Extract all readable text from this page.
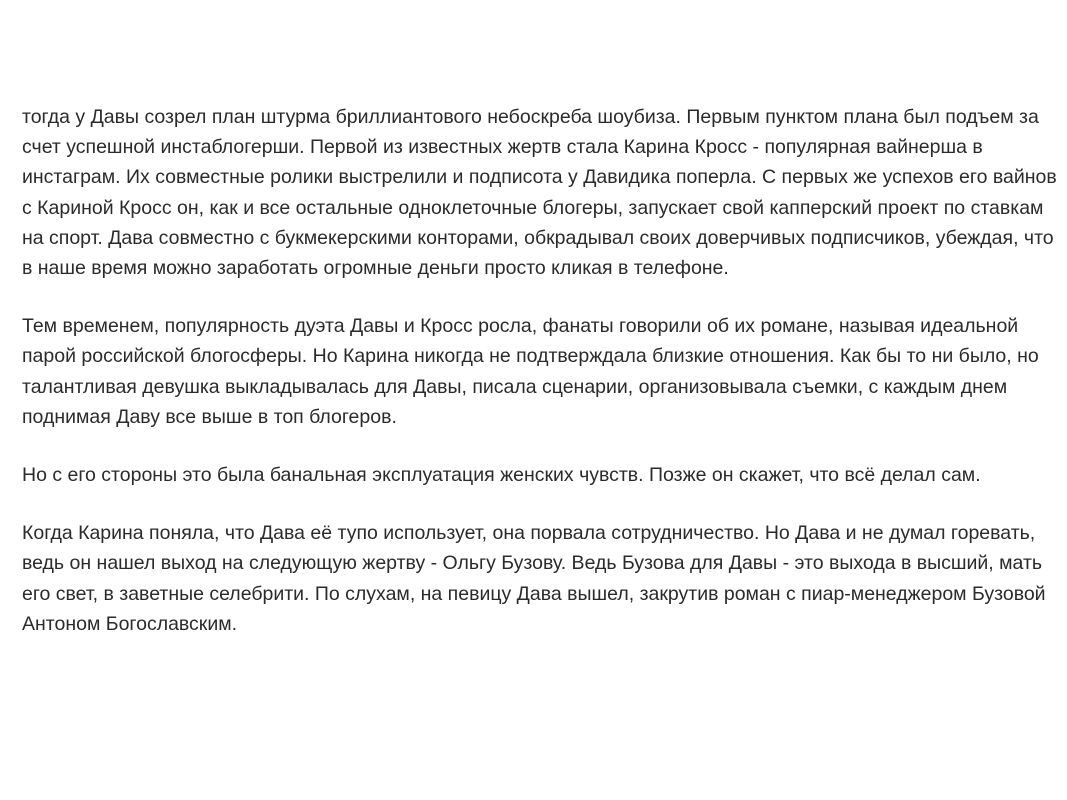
тогда у Давы созрел план штурма бриллиантового небоскреба шоубиза. Первым пунктом плана был подъем за счет успешной инстаблогерши. Первой из известных жертв стала Карина Кросс - популярная вайнерша в инстаграм. Их совместные ролики выстрелили и подписота у Давидика поперла. С первых же успехов его вайнов с Кариной Кросс он, как и все остальные одноклеточные блогеры, запускает свой капперский проект по ставкам на спорт. Дава совместно с букмекерскими конторами, обкрадывал своих доверчивых подписчиков, убеждая, что в наше время можно заработать огромные деньги просто кликая в телефоне.

Тем временем, популярность дуэта Давы и Кросс росла, фанаты говорили об их романе, называя идеальной парой российской блогосферы. Но Карина никогда не подтверждала близкие отношения. Как бы то ни было, но талантливая девушка выкладывалась для Давы, писала сценарии, организовывала съемки, с каждым днем поднимая Даву все выше в топ блогеров.

Но с его стороны это была банальная эксплуатация женских чувств. Позже он скажет, что всё делал сам.

Когда Карина поняла, что Дава её тупо использует, она порвала сотрудничество. Но Дава и не думал горевать, ведь он нашел выход на следующую жертву - Ольгу Бузову. Ведь Бузова для Давы - это выхода в высший, мать его свет, в заветные селебрити. По слухам, на певицу Дава вышел, закрутив роман с пиар-менеджером Бузовой Антоном Богославским.
